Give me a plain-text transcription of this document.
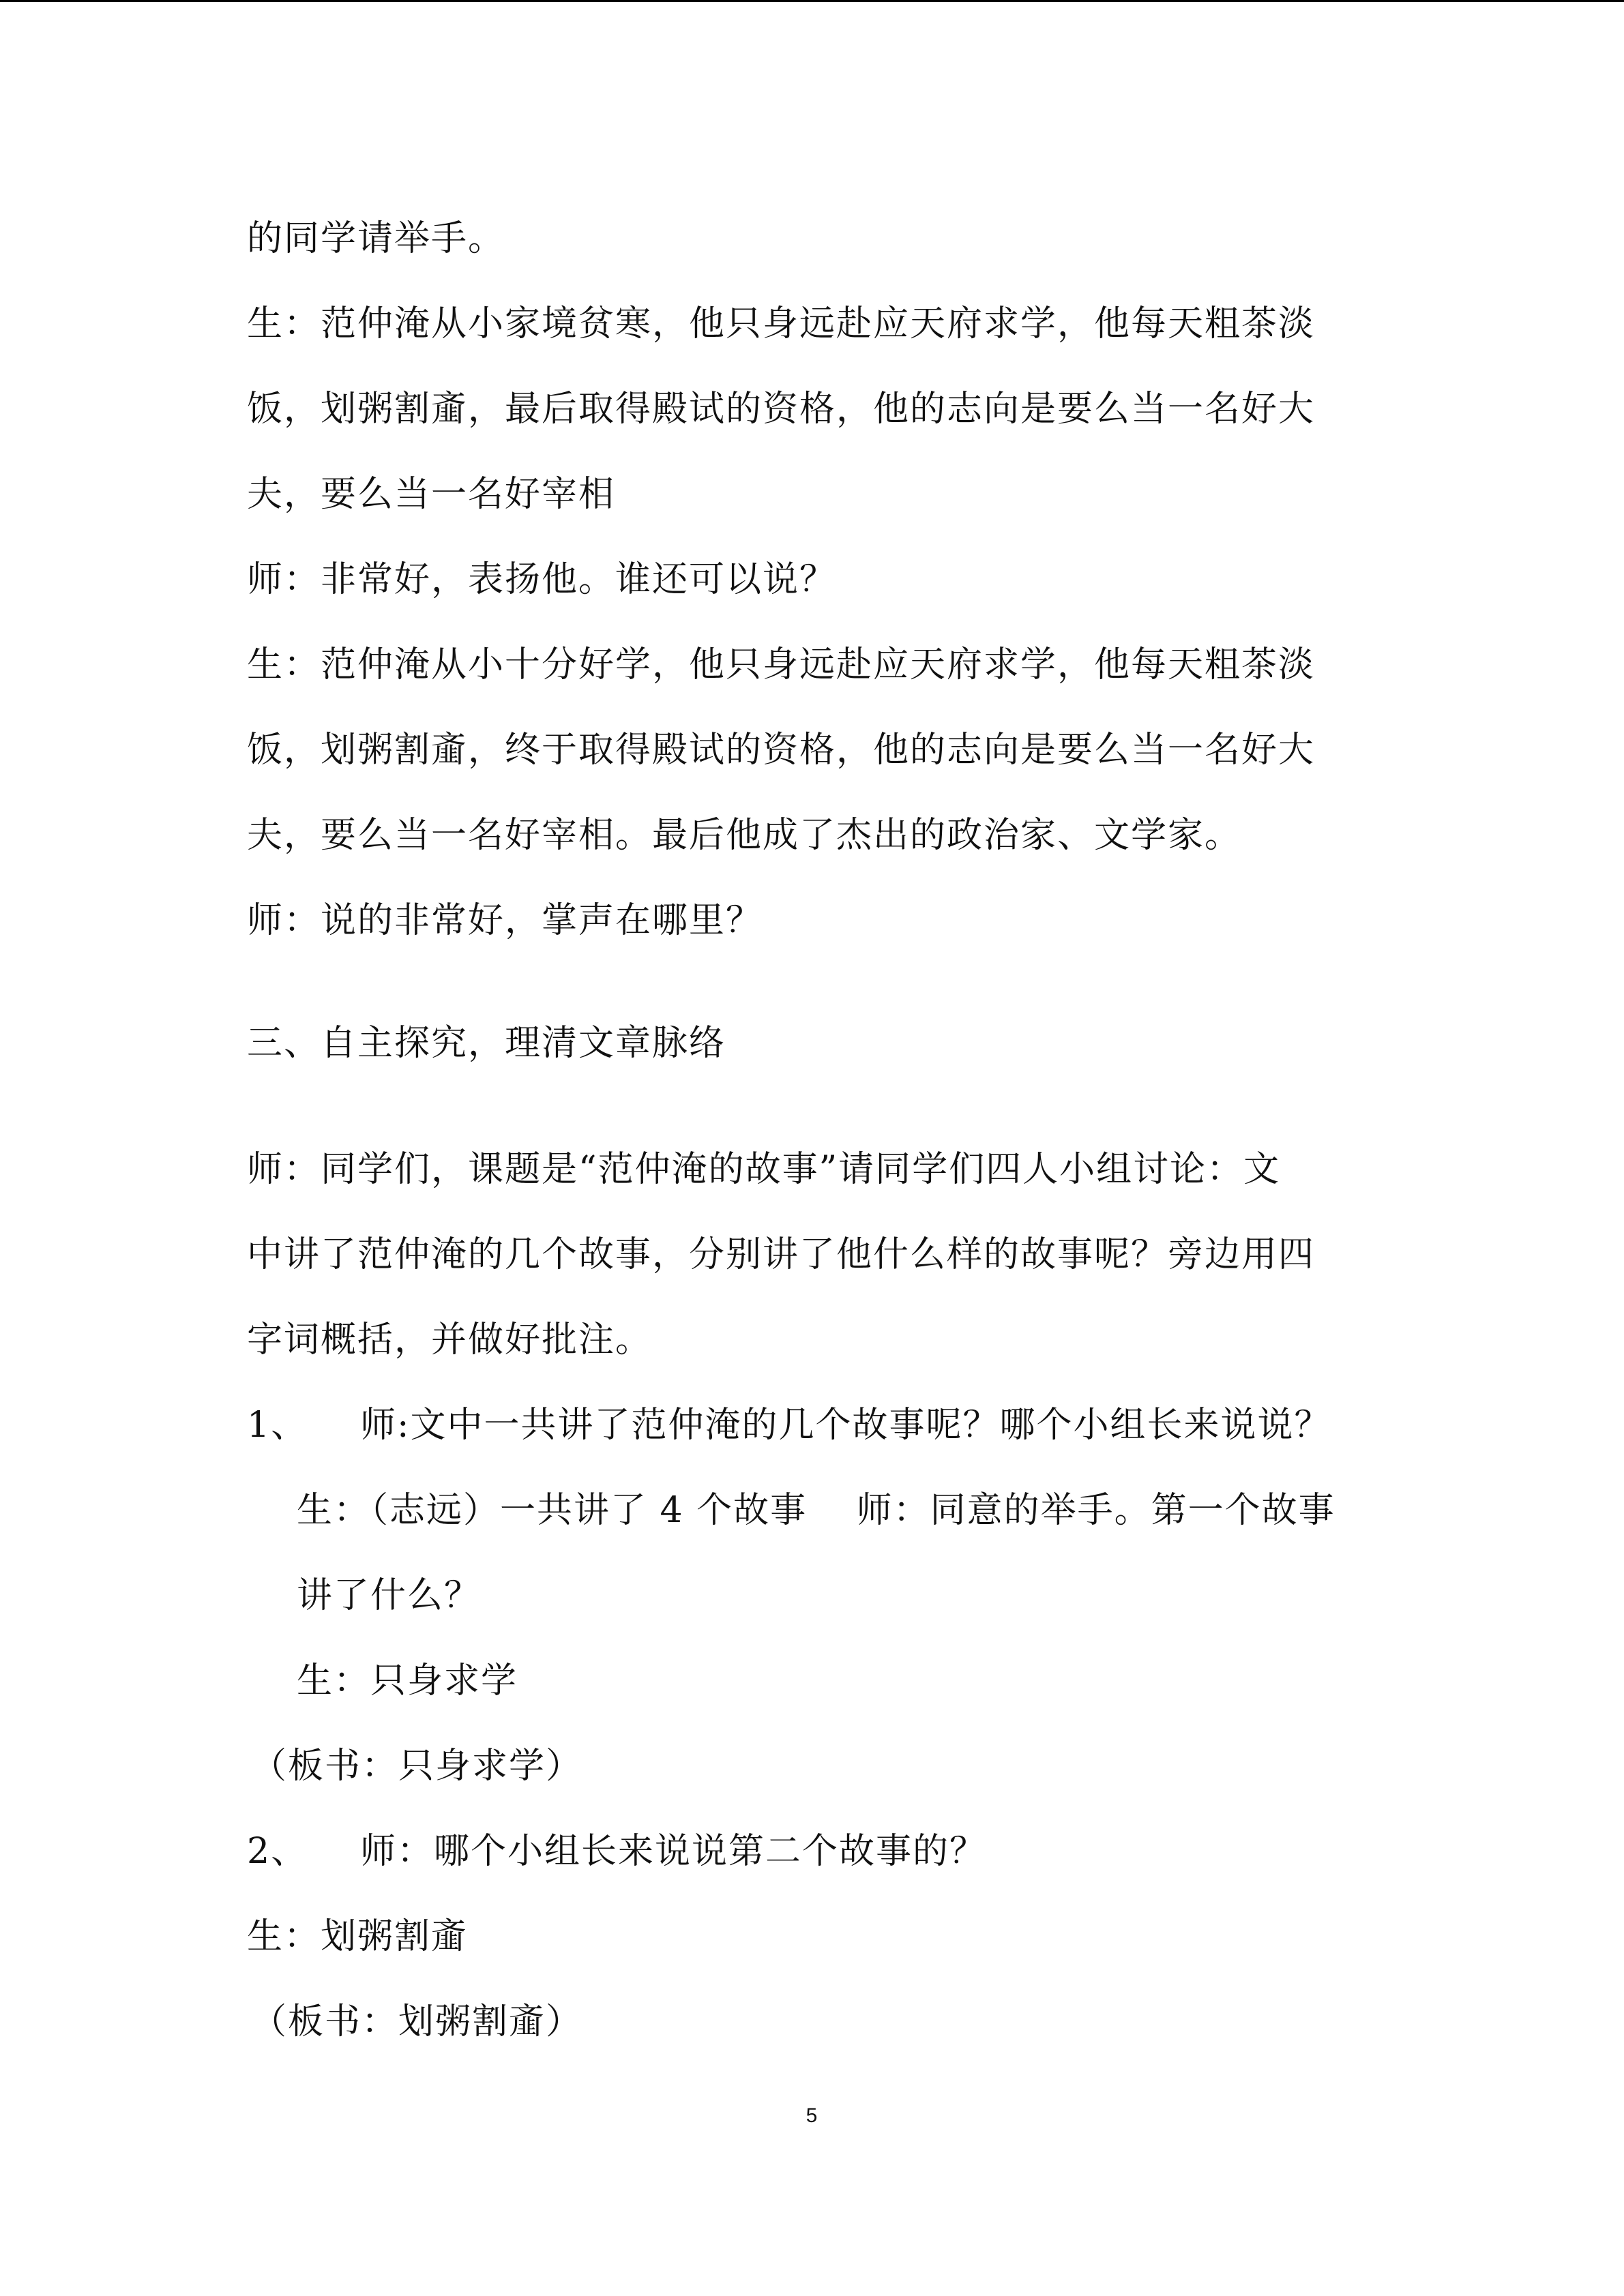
的同学请举手。
生：范仲淹从小家境贫寒，他只身远赴应天府求学，他每天粗茶淡
饭，划粥割齑，最后取得殿试的资格，他的志向是要么当一名好大
夫，要么当一名好宰相
师：非常好，表扬他。谁还可以说？
生：范仲淹从小十分好学，他只身远赴应天府求学，他每天粗茶淡
饭，划粥割齑，终于取得殿试的资格，他的志向是要么当一名好大
夫，要么当一名好宰相。最后他成了杰出的政治家、文学家。
师：说的非常好，掌声在哪里？
三、自主探究，理清文章脉络
师：同学们，课题是“范仲淹的故事”请同学们四人小组讨论：文
中讲了范仲淹的几个故事，分别讲了他什么样的故事呢？旁边用四
字词概括，并做好批注。
1、 师:文中一共讲了范仲淹的几个故事呢？哪个小组长来说说？
生：（志远）一共讲了 4 个故事　 师：同意的举手。第一个故事
讲了什么？
生：只身求学
（板书：只身求学）
2、 师：哪个小组长来说说第二个故事的？
生：划粥割齑
（板书：划粥割齑）
5
